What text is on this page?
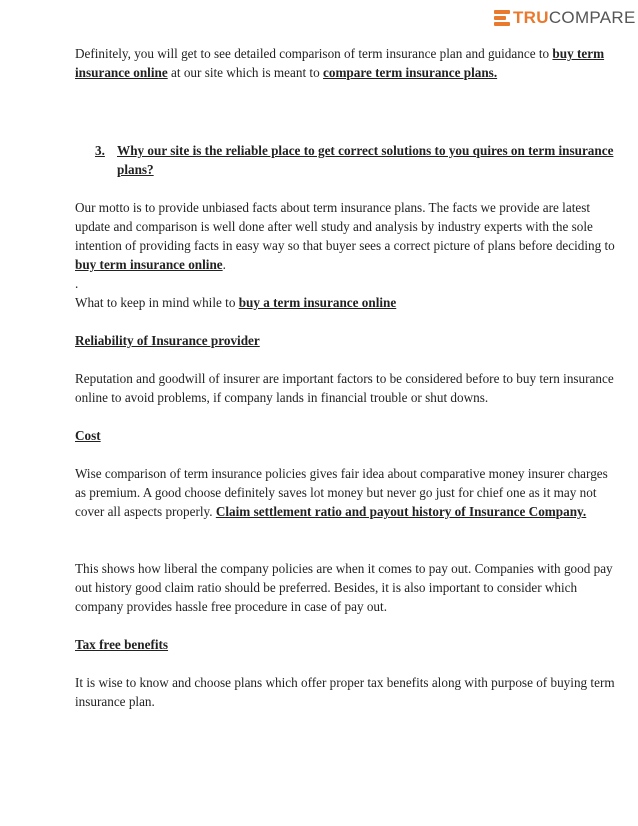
TRU COMPARE

Definitely, you will get to see detailed comparison of term insurance plan and guidance to buy term insurance online at our site which is meant to compare term insurance plans.

3. Why our site is the reliable place to get correct solutions to you quires on term insurance plans?

Our motto is to provide unbiased facts about term insurance plans. The facts we provide are latest update and comparison is well done after well study and analysis by industry experts with the sole intention of providing facts in easy way so that buyer sees a correct picture of plans before deciding to buy term insurance online.

.

What to keep in mind while to buy a term insurance online

Reliability of Insurance provider

Reputation and goodwill of insurer are important factors to be considered before to buy tern insurance online to avoid problems, if company lands in financial trouble or shut downs.

Cost

Wise comparison of term insurance policies gives fair idea about comparative money insurer charges as premium. A good choose definitely saves lot money but never go just for chief one as it may not cover all aspects properly. Claim settlement ratio and payout history of Insurance Company.

This shows how liberal the company policies are when it comes to pay out. Companies with good pay out history good claim ratio should be preferred. Besides, it is also important to consider which company provides hassle free procedure in case of pay out.

Tax free benefits

It is wise to know and choose plans which offer proper tax benefits along with purpose of buying term insurance plan.
